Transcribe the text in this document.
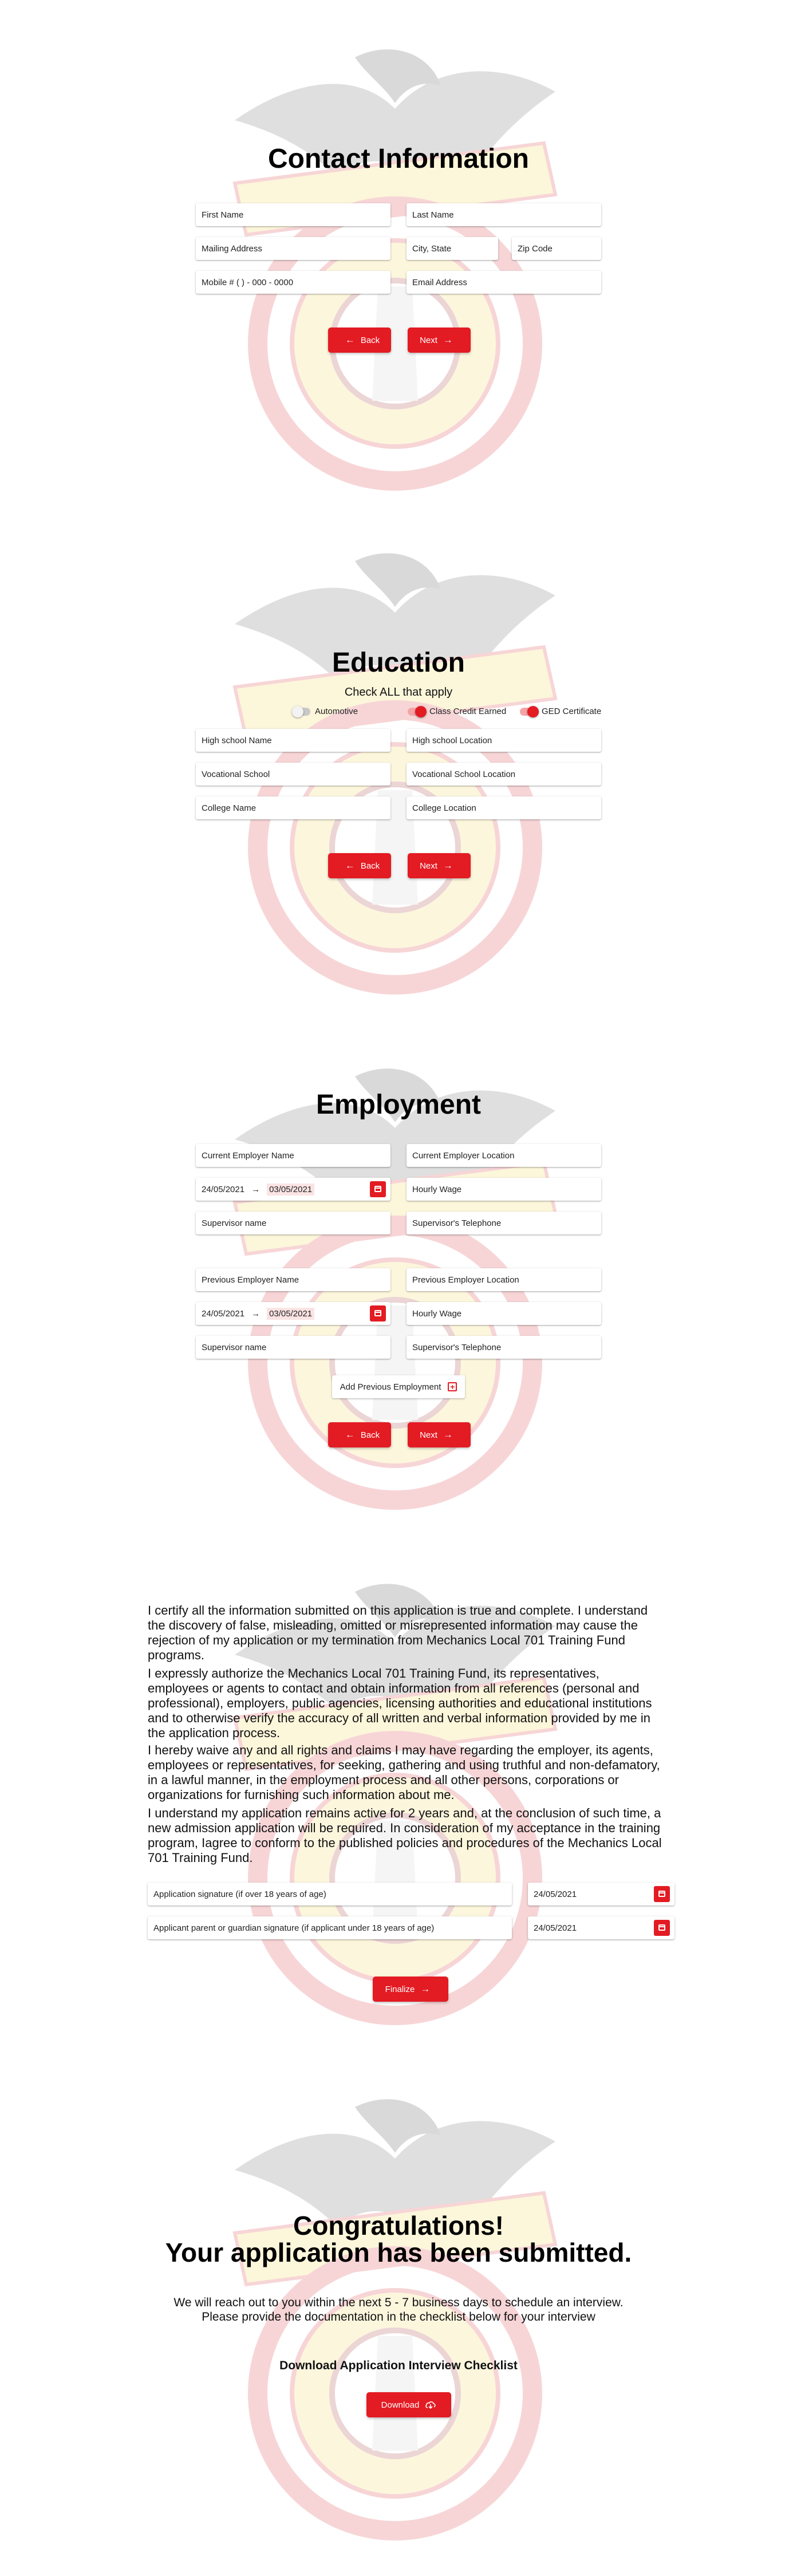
Contact Information
First Name	Last Name
Mailing Address	City, State	Zip Code
Mobile # ( ) - 000 - 0000	Email Address
← Back	Next →
Education
Check ALL that apply
Automotive	Class Credit Earned	GED Certificate
High school Name	High school Location
Vocational School	Vocational School Location
College Name	College Location
← Back	Next →
Employment
Current Employer Name	Current Employer Location
24/05/2021 → 03/05/2021	Hourly Wage
Supervisor name	Supervisor's Telephone
Previous Employer Name	Previous Employer Location
24/05/2021 → 03/05/2021	Hourly Wage
Supervisor name	Supervisor's Telephone
Add Previous Employment +
← Back	Next →

I certify all the information submitted on this application is true and complete. I understand the discovery of false, misleading, omitted or misrepresented information may cause the rejection of my application or my termination from Mechanics Local 701 Training Fund programs.

I expressly authorize the Mechanics Local 701 Training Fund, its representatives, employees or agents to contact and obtain information from all references (personal and professional), employers, public agencies, licensing authorities and educational institutions and to otherwise verify the accuracy of all written and verbal information provided by me in the application process.

I hereby waive any and all rights and claims I may have regarding the employer, its agents, employees or representatives, for seeking, gathering and using truthful and non-defamatory, in a lawful manner, in the employment process and all other persons, corporations or organizations for furnishing such information about me.

I understand my application remains active for 2 years and, at the conclusion of such time, a new admission application will be required. In consideration of my acceptance in the training program, Iagree to conform to the published policies and procedures of the Mechanics Local 701 Training Fund.

Application signature (if over 18 years of age)	24/05/2021
Applicant parent or guardian signature (if applicant under 18 years of age)	24/05/2021
Finalize →
Congratulations!
Your application has been submitted.
We will reach out to you within the next 5 - 7 business days to schedule an interview.
Please provide the documentation in the checklist below for your interview
Download Application Interview Checklist
Download
